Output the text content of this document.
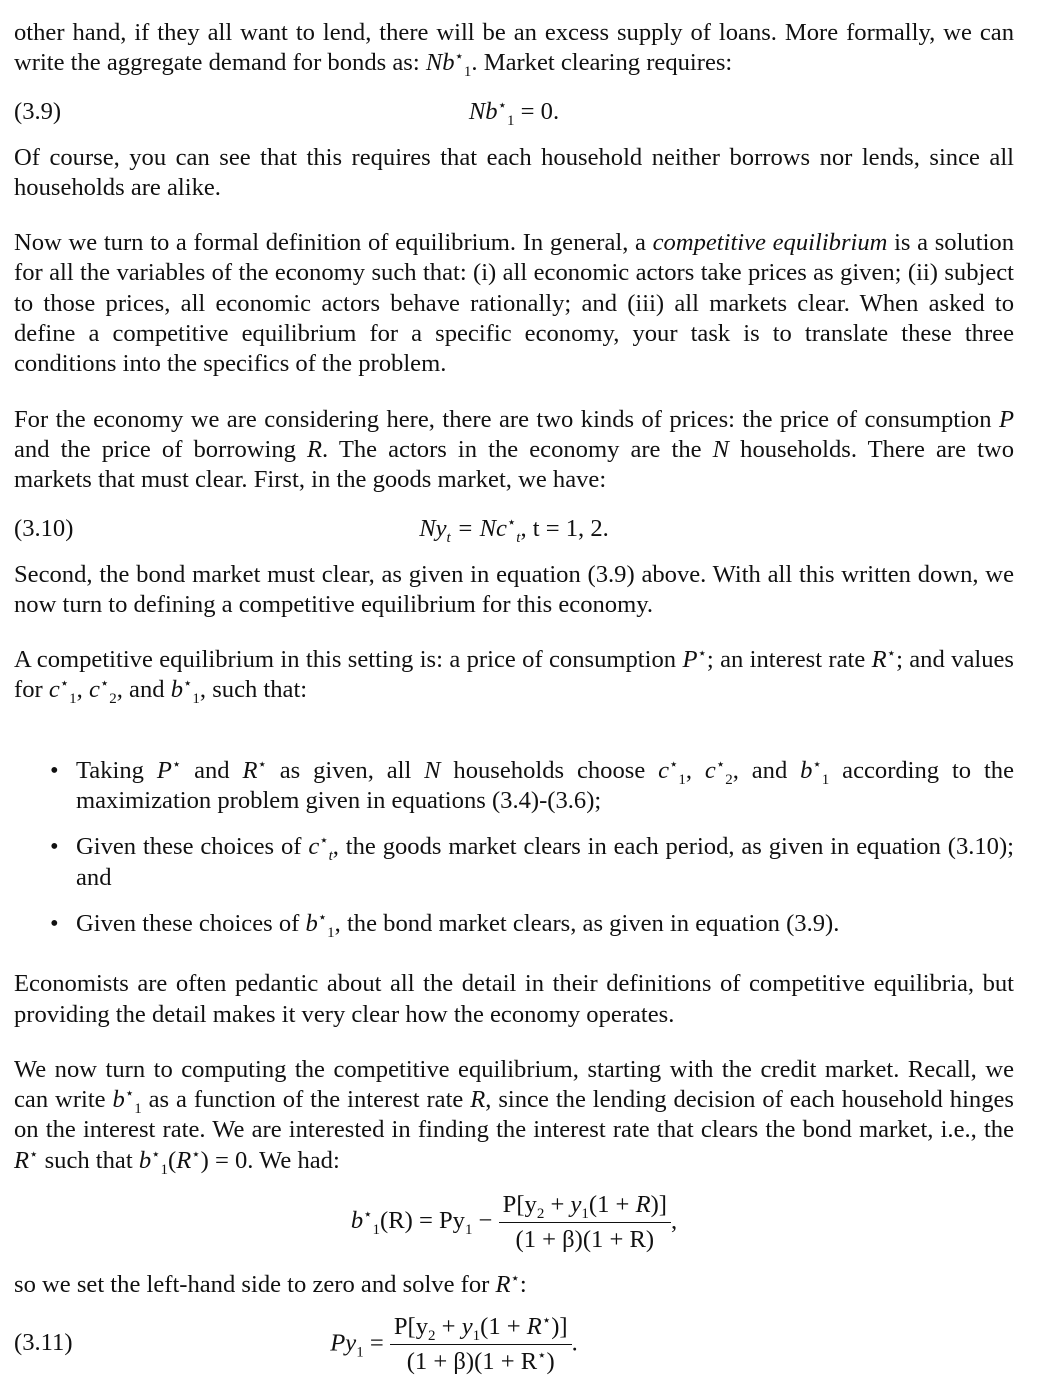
other hand, if they all want to lend, there will be an excess supply of loans. More formally, we can write the aggregate demand for bonds as: $Nb^⋆_1$. Market clearing requires:

(3.9)	$Nb^⋆_1 = 0$.

Of course, you can see that this requires that each household neither borrows nor lends, since all households are alike.

Now we turn to a formal definition of equilibrium. In general, a competitive equilibrium is a solution for all the variables of the economy such that: (i) all economic actors take prices as given; (ii) subject to those prices, all economic actors behave rationally; and (iii) all markets clear. When asked to define a competitive equilibrium for a specific economy, your task is to translate these three conditions into the specifics of the problem.

For the economy we are considering here, there are two kinds of prices: the price of consumption P and the price of borrowing R. The actors in the economy are the N households. There are two markets that must clear. First, in the goods market, we have:

(3.10)	$Ny_t = Nc^⋆_t$, t = 1, 2.

Second, the bond market must clear, as given in equation (3.9) above. With all this written down, we now turn to defining a competitive equilibrium for this economy.

A competitive equilibrium in this setting is: a price of consumption P⋆; an interest rate R⋆; and values for $c^⋆_1$, $c^⋆_2$, and $b^⋆_1$, such that:

• Taking P⋆ and R⋆ as given, all N households choose $c^⋆_1$, $c^⋆_2$, and $b^⋆_1$ according to the maximization problem given in equations (3.4)-(3.6);
• Given these choices of $c^⋆_t$, the goods market clears in each period, as given in equation (3.10); and
• Given these choices of $b^⋆_1$, the bond market clears, as given in equation (3.9).

Economists are often pedantic about all the detail in their definitions of competitive equilibria, but providing the detail makes it very clear how the economy operates.

We now turn to computing the competitive equilibrium, starting with the credit market. Recall, we can write $b^⋆_1$ as a function of the interest rate R, since the lending decision of each household hinges on the interest rate. We are interested in finding the interest rate that clears the bond market, i.e., the R⋆ such that $b^⋆_1(R^⋆) = 0$. We had:

$b^⋆_1(R) = Py_1 - \frac{P[y_2 + y_1(1 + R)]}{(1 + \beta)(1 + R)}$ ,

so we set the left-hand side to zero and solve for R⋆:

(3.11)	$Py_1 = \frac{P[y_2 + y_1(1 + R^⋆)]}{(1 + \beta)(1 + R^⋆)}$ .
